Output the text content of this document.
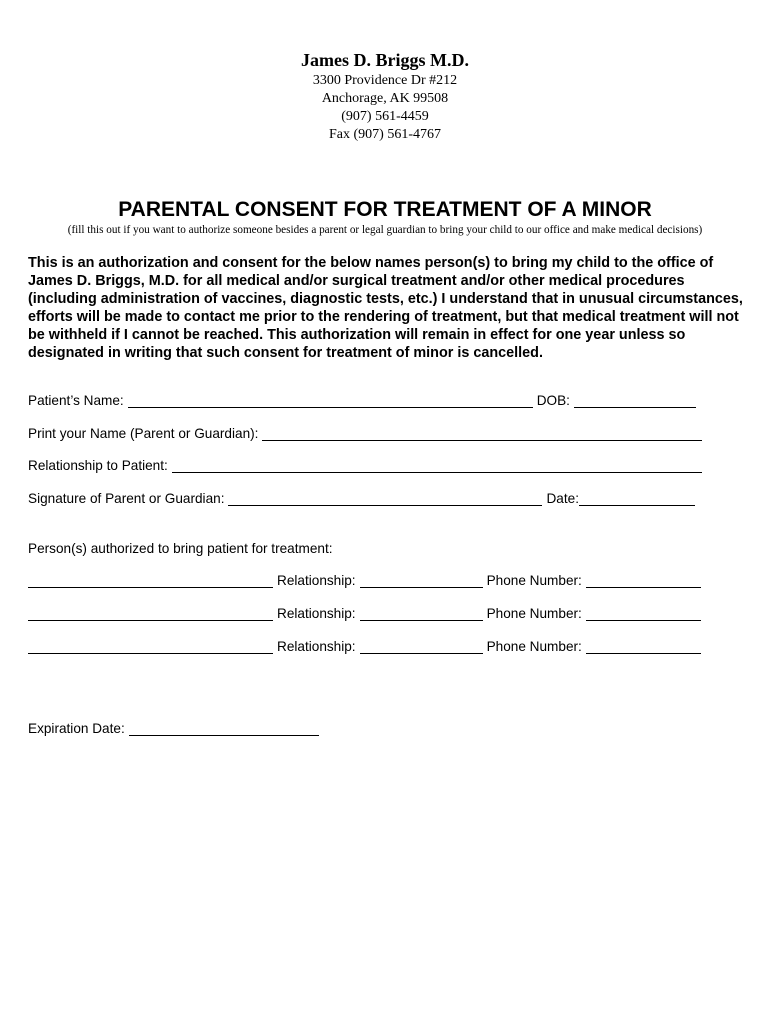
James D. Briggs M.D.
3300 Providence Dr #212
Anchorage, AK 99508
(907) 561-4459
Fax (907) 561-4767
PARENTAL CONSENT FOR TREATMENT OF A MINOR
(fill this out if you want to authorize someone besides a parent or legal guardian to bring your child to our office and make medical decisions)
This is an authorization and consent for the below names person(s) to bring my child to the office of James D. Briggs, M.D. for all medical and/or surgical treatment and/or other medical procedures (including administration of vaccines, diagnostic tests, etc.) I understand that in unusual circumstances, efforts will be made to contact me prior to the rendering of treatment, but that medical treatment will not be withheld if I cannot be reached. This authorization will remain in effect for one year unless so designated in writing that such consent for treatment of minor is cancelled.
Patient’s Name:	DOB:
Print your Name (Parent or Guardian):
Relationship to Patient:
Signature of Parent or Guardian:	Date:
Person(s) authorized to bring patient for treatment:
Relationship:	Phone Number:
Relationship:	Phone Number:
Relationship:	Phone Number:
Expiration Date:
